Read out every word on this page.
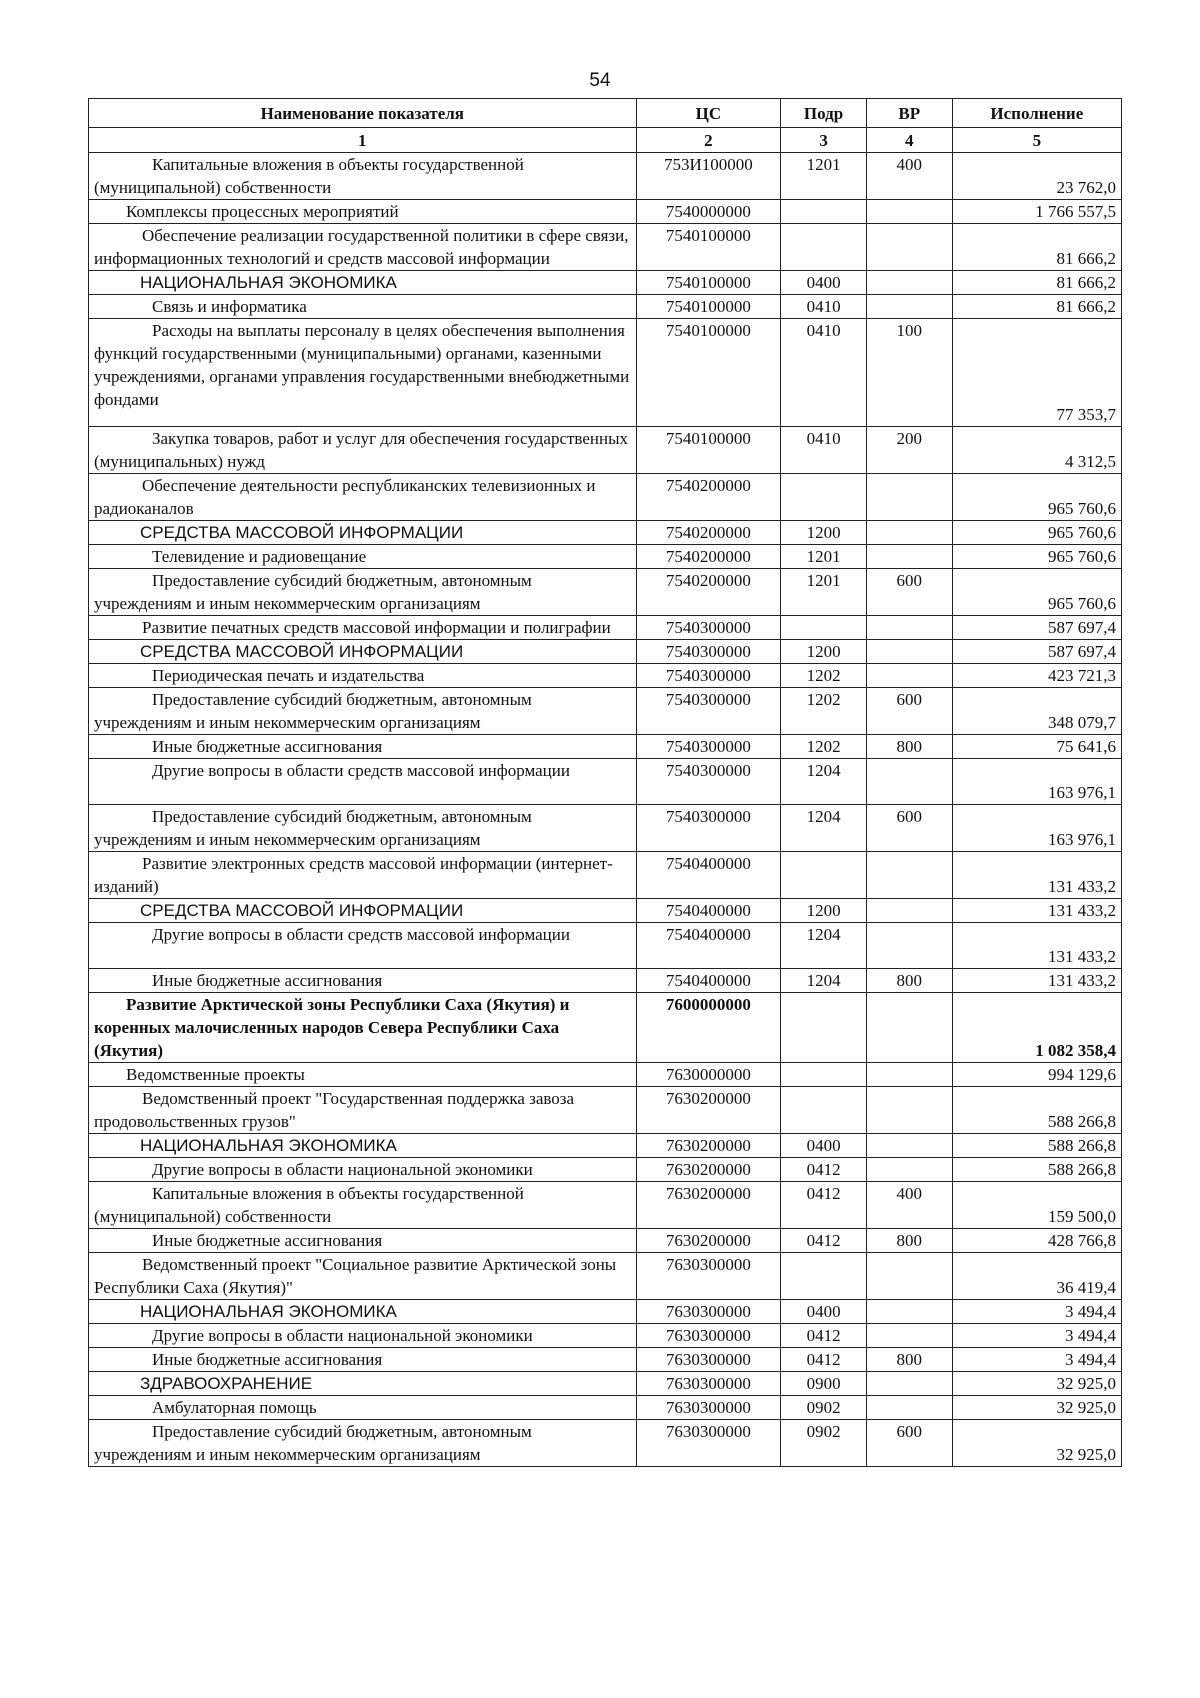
54
Наименование показателя	ЦС	Подр	ВР	Исполнение
1	2	3	4	5
Капитальные вложения в объекты государственной (муниципальной) собственности	753И100000	1201	400	23 762,0
Комплексы процессных мероприятий	7540000000			1 766 557,5
Обеспечение реализации государственной политики в сфере связи, информационных технологий и средств массовой информации	7540100000			81 666,2
НАЦИОНАЛЬНАЯ ЭКОНОМИКА	7540100000	0400		81 666,2
Связь и информатика	7540100000	0410		81 666,2
Расходы на выплаты персоналу в целях обеспечения выполнения функций государственными (муниципальными) органами, казенными учреждениями, органами управления государственными внебюджетными фондами	7540100000	0410	100	77 353,7
Закупка товаров, работ и услуг для обеспечения государственных (муниципальных) нужд	7540100000	0410	200	4 312,5
Обеспечение деятельности республиканских телевизионных и радиоканалов	7540200000			965 760,6
СРЕДСТВА МАССОВОЙ ИНФОРМАЦИИ	7540200000	1200		965 760,6
Телевидение и радиовещание	7540200000	1201		965 760,6
Предоставление субсидий бюджетным, автономным учреждениям и иным некоммерческим организациям	7540200000	1201	600	965 760,6
Развитие печатных средств массовой информации и полиграфии	7540300000			587 697,4
СРЕДСТВА МАССОВОЙ ИНФОРМАЦИИ	7540300000	1200		587 697,4
Периодическая печать и издательства	7540300000	1202		423 721,3
Предоставление субсидий бюджетным, автономным учреждениям и иным некоммерческим организациям	7540300000	1202	600	348 079,7
Иные бюджетные ассигнования	7540300000	1202	800	75 641,6
Другие вопросы в области средств массовой информации	7540300000	1204		163 976,1
Предоставление субсидий бюджетным, автономным учреждениям и иным некоммерческим организациям	7540300000	1204	600	163 976,1
Развитие электронных средств массовой информации (интернет-изданий)	7540400000			131 433,2
СРЕДСТВА МАССОВОЙ ИНФОРМАЦИИ	7540400000	1200		131 433,2
Другие вопросы в области средств массовой информации	7540400000	1204		131 433,2
Иные бюджетные ассигнования	7540400000	1204	800	131 433,2
Развитие Арктической зоны Республики Саха (Якутия) и коренных малочисленных народов Севера Республики Саха (Якутия)	7600000000			1 082 358,4
Ведомственные проекты	7630000000			994 129,6
Ведомственный проект "Государственная поддержка завоза продовольственных грузов"	7630200000			588 266,8
НАЦИОНАЛЬНАЯ ЭКОНОМИКА	7630200000	0400		588 266,8
Другие вопросы в области национальной экономики	7630200000	0412		588 266,8
Капитальные вложения в объекты государственной (муниципальной) собственности	7630200000	0412	400	159 500,0
Иные бюджетные ассигнования	7630200000	0412	800	428 766,8
Ведомственный проект "Социальное развитие Арктической зоны Республики Саха (Якутия)"	7630300000			36 419,4
НАЦИОНАЛЬНАЯ ЭКОНОМИКА	7630300000	0400		3 494,4
Другие вопросы в области национальной экономики	7630300000	0412		3 494,4
Иные бюджетные ассигнования	7630300000	0412	800	3 494,4
ЗДРАВООХРАНЕНИЕ	7630300000	0900		32 925,0
Амбулаторная помощь	7630300000	0902		32 925,0
Предоставление субсидий бюджетным, автономным учреждениям и иным некоммерческим организациям	7630300000	0902	600	32 925,0
